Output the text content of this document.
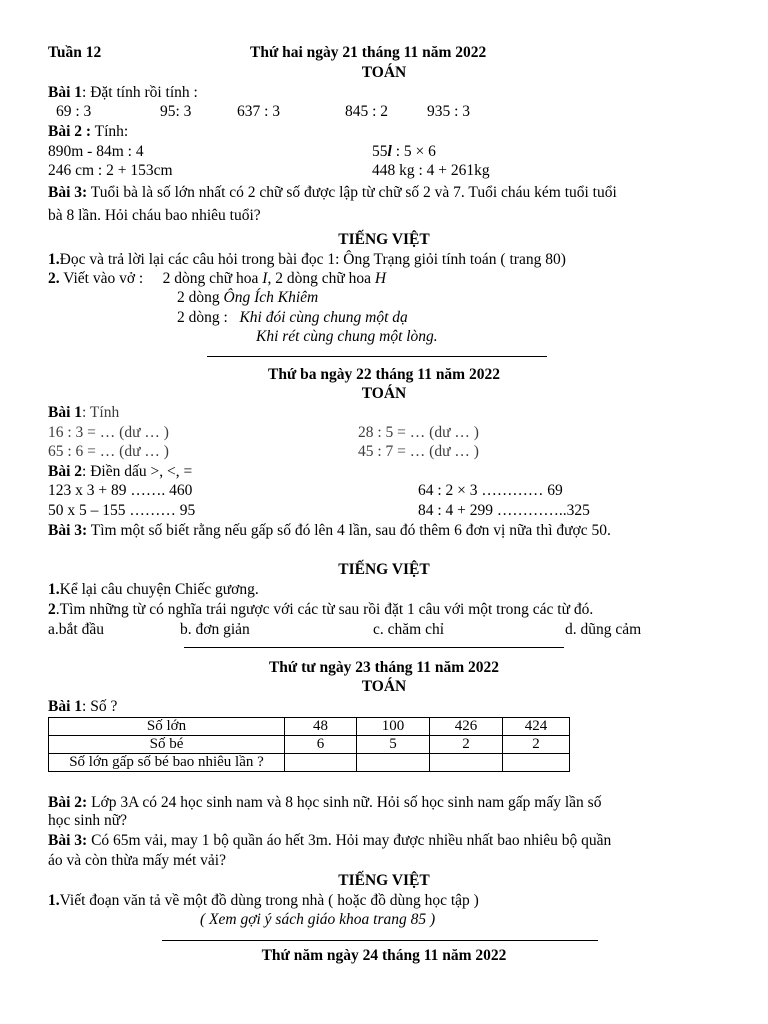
Tuần 12	Thứ hai ngày 21 tháng 11 năm 2022
TOÁN
Bài 1: Đặt tính rồi tính :
69 : 3	95: 3	637 : 3	845 : 2	935 : 3
Bài 2 : Tính:
890m - 84m : 4	55l : 5 × 6
246 cm : 2 + 153cm	448 kg : 4 + 261kg
Bài 3: Tuổi bà là số lớn nhất có 2 chữ số được lập từ chữ số 2 và 7. Tuổi cháu kém tuổi tuổi
bà 8 lần. Hỏi cháu bao nhiêu tuổi?
TIẾNG VIỆT
1.Đọc và trả lời lại các câu hỏi trong bài đọc 1: Ông Trạng giỏi tính toán ( trang 80)
2. Viết vào vở :     2 dòng chữ hoa I, 2 dòng chữ hoa H
2 dòng Ông Ích Khiêm
2 dòng :   Khi đói cùng chung một dạ
Khi rét cùng chung một lòng.
Thứ ba ngày 22 tháng 11 năm 2022
TOÁN
Bài 1: Tính
16 : 3 = … (dư … )	28 : 5 = … (dư … )
65 : 6 = … (dư … )	45 : 7 = … (dư … )
Bài 2: Điền dấu >, <, =
123 x 3 + 89 ……. 460	64 : 2 × 3 ………… 69
50 x 5 – 155 ……… 95	84 : 4 + 299 …………..325
Bài 3: Tìm một số biết rằng nếu gấp số đó lên 4 lần, sau đó thêm 6 đơn vị nữa thì được 50.
TIẾNG VIỆT
1.Kể lại câu chuyện Chiếc gương.
2.Tìm những từ có nghĩa trái ngược với các từ sau rồi đặt 1 câu với một trong các từ đó.
a.bắt đầu	b. đơn giản	c. chăm chỉ	d. dũng cảm
Thứ tư ngày 23 tháng 11 năm 2022
TOÁN
Bài 1: Số ?
Số lớn	48	100	426	424
Số bé	6	5	2	2
Số lớn gấp số bé bao nhiêu lần ?				
Bài 2: Lớp 3A có 24 học sinh nam và 8 học sinh nữ. Hỏi số học sinh nam gấp mấy lần số
học sinh nữ?
Bài 3: Có 65m vải, may 1 bộ quần áo hết 3m. Hỏi may được nhiều nhất bao nhiêu bộ quần
áo và còn thừa mấy mét vải?
TIẾNG VIỆT
1.Viết đoạn văn tả về một đồ dùng trong nhà ( hoặc đồ dùng học tập )
( Xem gợi ý sách giáo khoa trang 85 )
Thứ năm ngày 24 tháng 11 năm 2022
